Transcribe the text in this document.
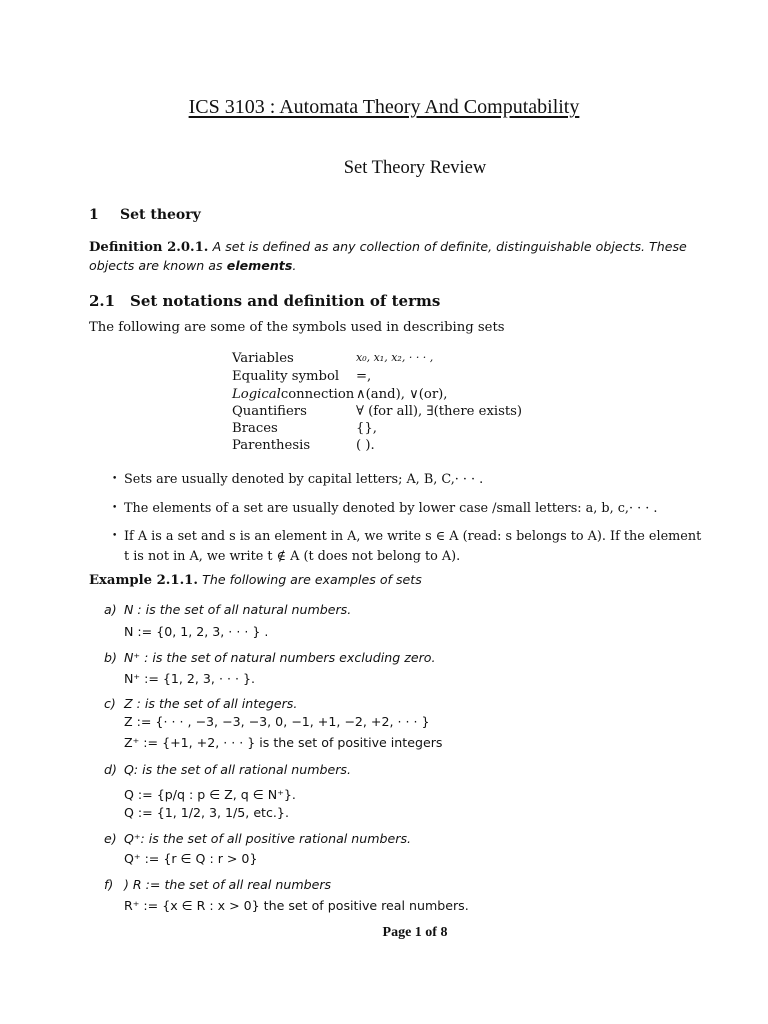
ICS 3103 : Automata Theory And Computability
Set Theory Review
1 Set theory
Definition 2.0.1. A set is defined as any collection of definite, distinguishable objects. These objects are known as elements.
2.1 Set notations and definition of terms
The following are some of the symbols used in describing sets
Variables	x₀, x₁, x₂, · · · ,
Equality symbol =,
Logicalconnection ∧(and), ∨(or),
Quantifiers	∀ (for all), ∃(there exists)
Braces	{},
Parenthesis	( ).
• Sets are usually denoted by capital letters; A, B, C,· · · .
• The elements of a set are usually denoted by lower case /small letters: a, b, c,· · · .
• If A is a set and s is an element in A, we write s ∈ A (read: s belongs to A). If the element
t is not in A, we write t ∉ A (t does not belong to A).
Example 2.1.1. The following are examples of sets
a) N : is the set of all natural numbers.
N := {0, 1, 2, 3, · · · } .
b) N⁺ : is the set of natural numbers excluding zero.
N⁺ := {1, 2, 3, · · · }.
c) Z : is the set of all integers.
Z := {· · · , −3, −3, −3, 0, −1, +1, −2, +2, · · · }
Z⁺ := {+1, +2, · · · } is the set of positive integers
d) Q: is the set of all rational numbers.
Q := {p/q : p ∈ Z, q ∈ N⁺}.
Q := {1, 1/2, 3, 1/5, etc.}.
e) Q⁺: is the set of all positive rational numbers.
Q⁺ := {r ∈ Q : r > 0}
f) ) R := the set of all real numbers
R⁺ := {x ∈ R : x > 0} the set of positive real numbers.
Page 1 of 8
